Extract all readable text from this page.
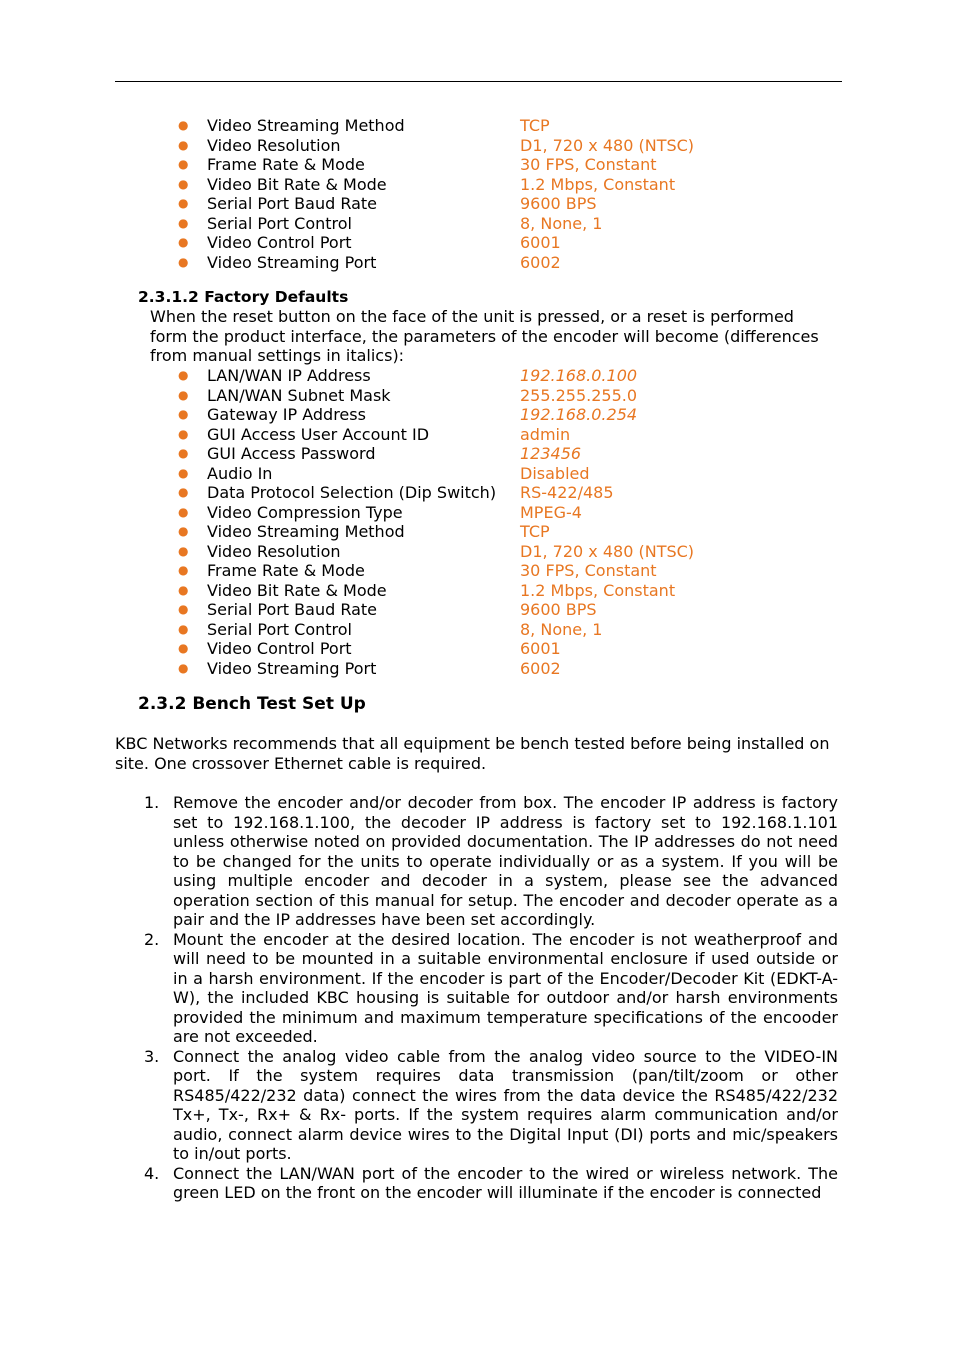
● Video Streaming Method	TCP
● Video Resolution	D1, 720 x 480 (NTSC)
● Frame Rate & Mode	30 FPS, Constant
● Video Bit Rate & Mode	1.2 Mbps, Constant
● Serial Port Baud Rate	9600 BPS
● Serial Port Control	8, None, 1
● Video Control Port	6001
● Video Streaming Port	6002
2.3.1.2 Factory Defaults
When the reset button on the face of the unit is pressed, or a reset is performed
form the product interface, the parameters of the encoder will become (differences
from manual settings in italics):
● LAN/WAN IP Address	192.168.0.100
● LAN/WAN Subnet Mask	255.255.255.0
● Gateway IP Address	192.168.0.254
● GUI Access User Account ID	admin
● GUI Access Password	123456
● Audio In	Disabled
● Data Protocol Selection (Dip Switch) RS-422/485
● Video Compression Type	MPEG-4
● Video Streaming Method	TCP
● Video Resolution	D1, 720 x 480 (NTSC)
● Frame Rate & Mode	30 FPS, Constant
● Video Bit Rate & Mode	1.2 Mbps, Constant
● Serial Port Baud Rate	9600 BPS
● Serial Port Control	8, None, 1
● Video Control Port	6001
● Video Streaming Port	6002
2.3.2 Bench Test Set Up
KBC Networks recommends that all equipment be bench tested before being installed on
site. One crossover Ethernet cable is required.
1. Remove the encoder and/or decoder from box. The encoder IP address is factory set to 192.168.1.100, the decoder IP address is factory set to 192.168.1.101 unless otherwise noted on provided documentation. The IP addresses do not need to be changed for the units to operate individually or as a system. If you will be using multiple encoder and decoder in a system, please see the advanced operation section of this manual for setup. The encoder and decoder operate as a pair and the IP addresses have been set accordingly.

2. Mount the encoder at the desired location. The encoder is not weatherproof and will need to be mounted in a suitable environmental enclosure if used outside or in a harsh environment. If the encoder is part of the Encoder/Decoder Kit (EDKT-A-W), the included KBC housing is suitable for outdoor and/or harsh environments provided the minimum and maximum temperature specifications of the encooder are not exceeded.

3. Connect the analog video cable from the analog video source to the VIDEO-IN port. If the system requires data transmission (pan/tilt/zoom or other RS485/422/232 data) connect the wires from the data device the RS485/422/232 Tx+, Tx-, Rx+ & Rx- ports. If the system requires alarm communication and/or audio, connect alarm device wires to the Digital Input (DI) ports and mic/speakers to in/out ports.

4. Connect the LAN/WAN port of the encoder to the wired or wireless network. The green LED on the front on the encoder will illuminate if the encoder is connected
